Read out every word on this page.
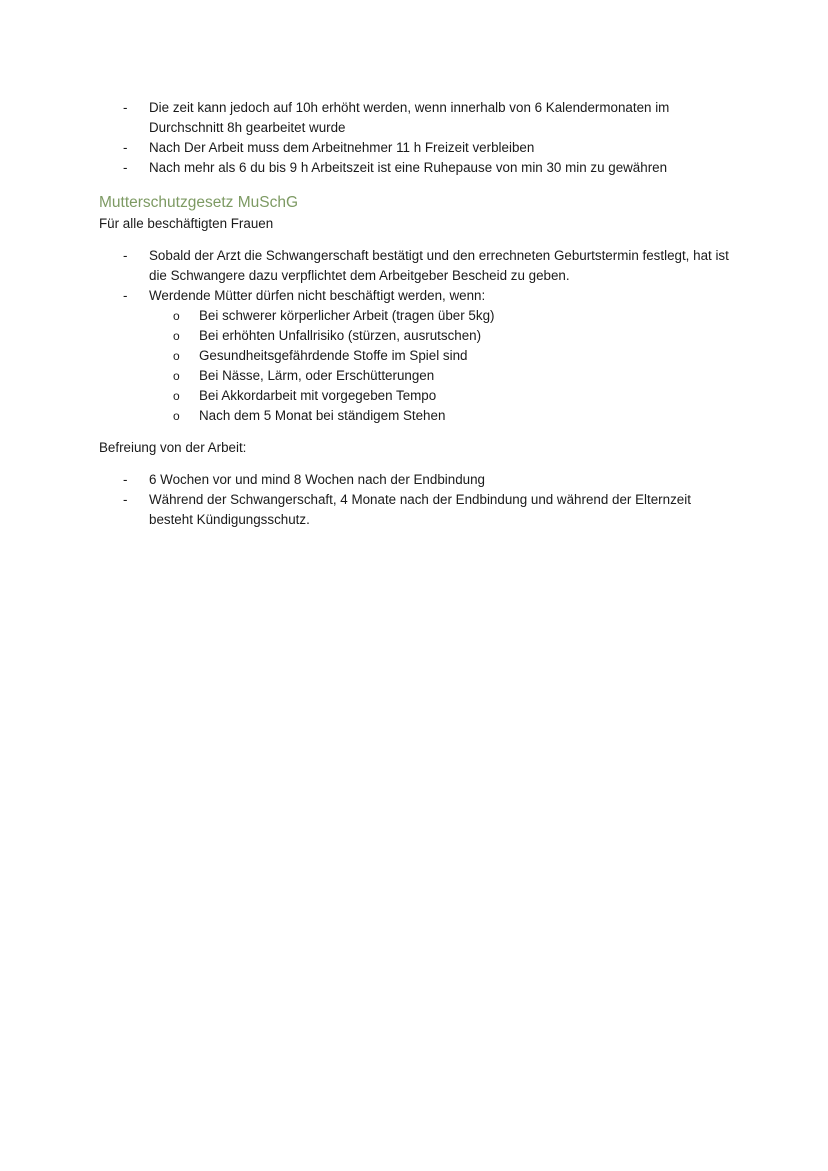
-	Die zeit kann jedoch auf 10h erhöht werden, wenn innerhalb von 6 Kalendermonaten im Durchschnitt 8h gearbeitet wurde
-	Nach Der Arbeit muss dem Arbeitnehmer 11 h Freizeit verbleiben
-	Nach mehr als 6 du bis 9 h Arbeitszeit ist eine Ruhepause von min 30 min zu gewähren
Mutterschutzgesetz MuSchG
Für alle beschäftigten Frauen
-	Sobald der Arzt die Schwangerschaft bestätigt und den errechneten Geburtstermin festlegt, hat ist die Schwangere dazu verpflichtet dem Arbeitgeber Bescheid zu geben.
-	Werdende Mütter dürfen nicht beschäftigt werden, wenn:
o Bei schwerer körperlicher Arbeit (tragen über 5kg)
o Bei erhöhten Unfallrisiko (stürzen, ausrutschen)
o Gesundheitsgefährdende Stoffe im Spiel sind
o Bei Nässe, Lärm, oder Erschütterungen
o Bei Akkordarbeit mit vorgegeben Tempo
o Nach dem 5 Monat bei ständigem Stehen
Befreiung von der Arbeit:
-	6 Wochen vor und mind 8 Wochen nach der Endbindung
-	Während der Schwangerschaft, 4 Monate nach der Endbindung und während der Elternzeit besteht Kündigungsschutz.
